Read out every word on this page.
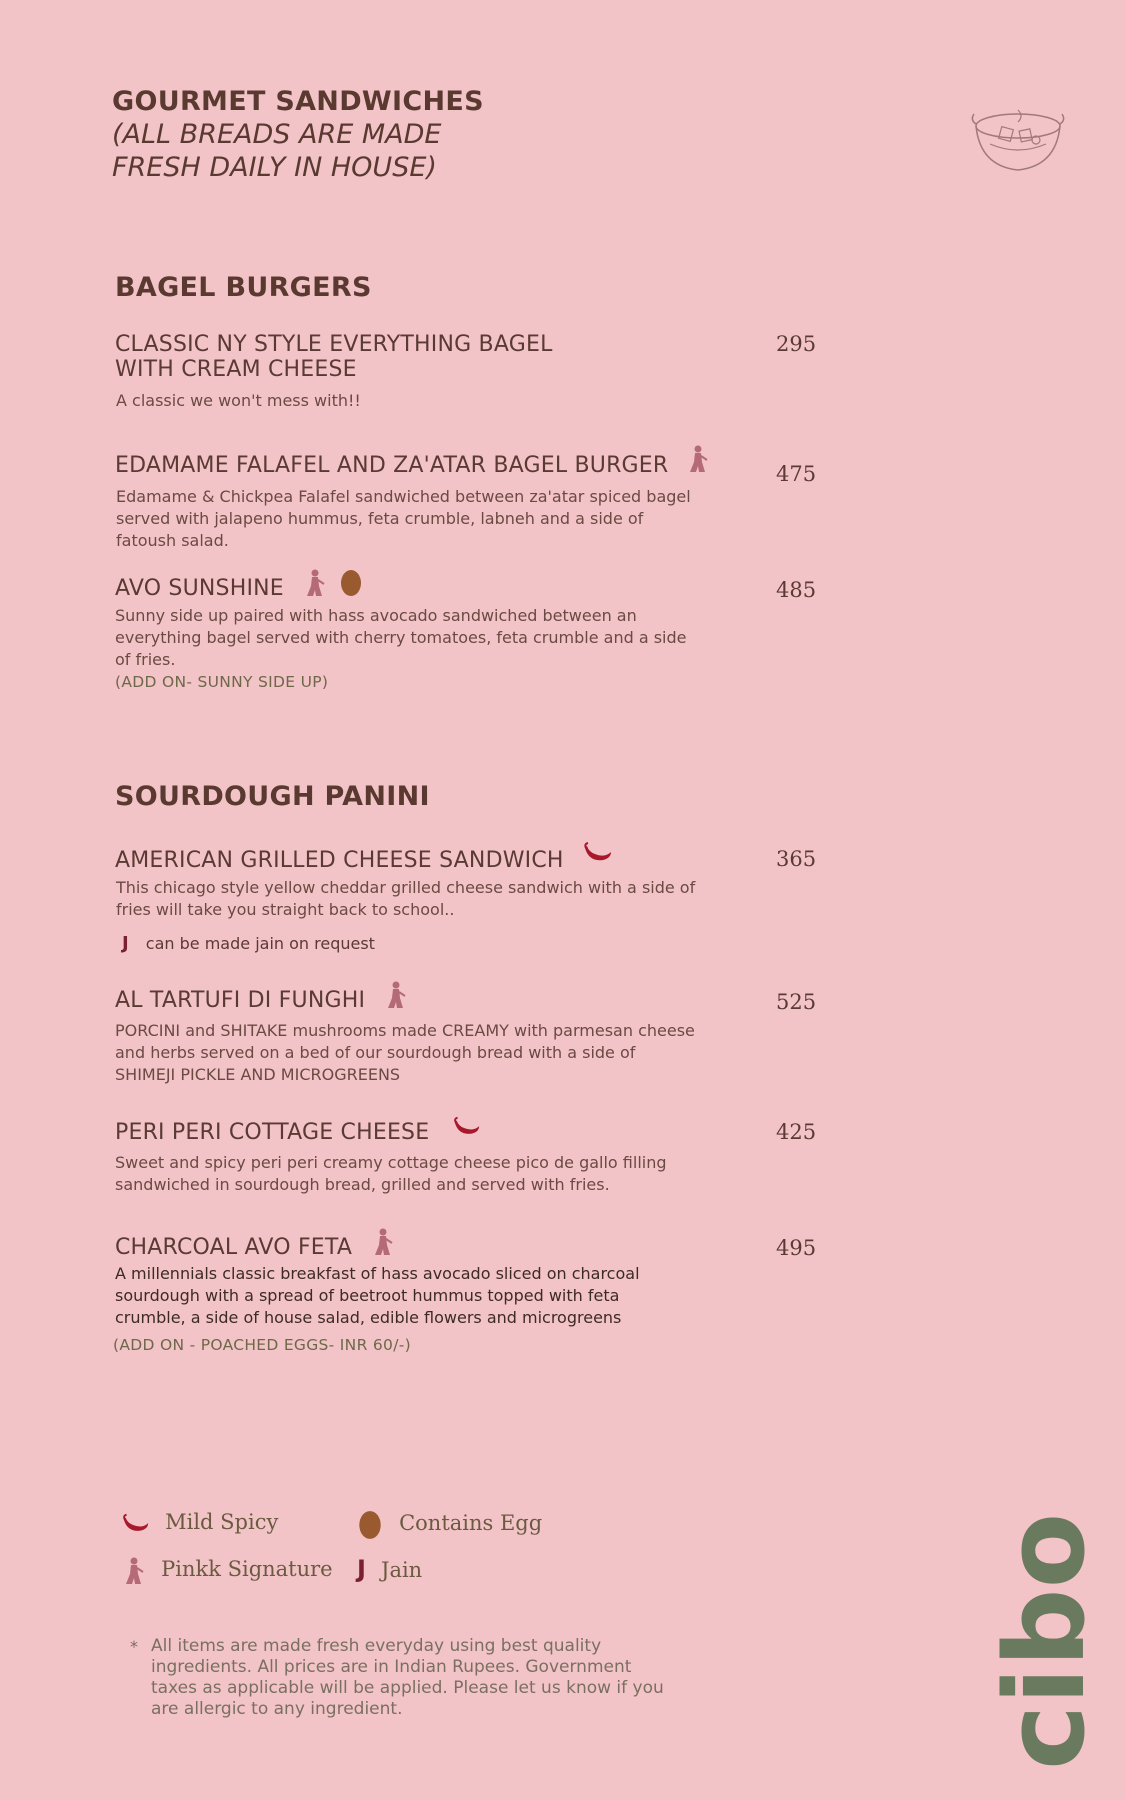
GOURMET SANDWICHES
(ALL BREADS ARE MADE
FRESH DAILY IN HOUSE)
BAGEL BURGERS
CLASSIC NY STYLE EVERYTHING BAGEL
WITH CREAM CHEESE
295
A classic we won't mess with!!
EDAMAME FALAFEL AND ZA'ATAR BAGEL BURGER	475
Edamame & Chickpea Falafel sandwiched between za'atar spiced bagel served with jalapeno hummus, feta crumble, labneh and a side of fatoush salad.
AVO SUNSHINE	485
Sunny side up paired with hass avocado sandwiched between an everything bagel served with cherry tomatoes, feta crumble and a side of fries.
(ADD ON- SUNNY SIDE UP)
SOURDOUGH PANINI
AMERICAN GRILLED CHEESE SANDWICH	365
This chicago style yellow cheddar grilled cheese sandwich with a side of fries will take you straight back to school..
J can be made jain on request
AL TARTUFI DI FUNGHI	525
PORCINI and SHITAKE mushrooms made CREAMY with parmesan cheese and herbs served on a bed of our sourdough bread with a side of SHIMEJI PICKLE AND MICROGREENS
PERI PERI COTTAGE CHEESE	425
Sweet and spicy peri peri creamy cottage cheese pico de gallo filling sandwiched in sourdough bread, grilled and served with fries.
CHARCOAL AVO FETA	495
A millennials classic breakfast of hass avocado sliced on charcoal sourdough with a spread of beetroot hummus topped with feta crumble, a side of house salad, edible flowers and microgreens
(ADD ON - POACHED EGGS- INR 60/-)
Mild Spicy	Contains Egg
Pinkk Signature J Jain
* All items are made fresh everyday using best quality ingredients. All prices are in Indian Rupees. Government taxes as applicable will be applied. Please let us know if you are allergic to any ingredient.	cibo
